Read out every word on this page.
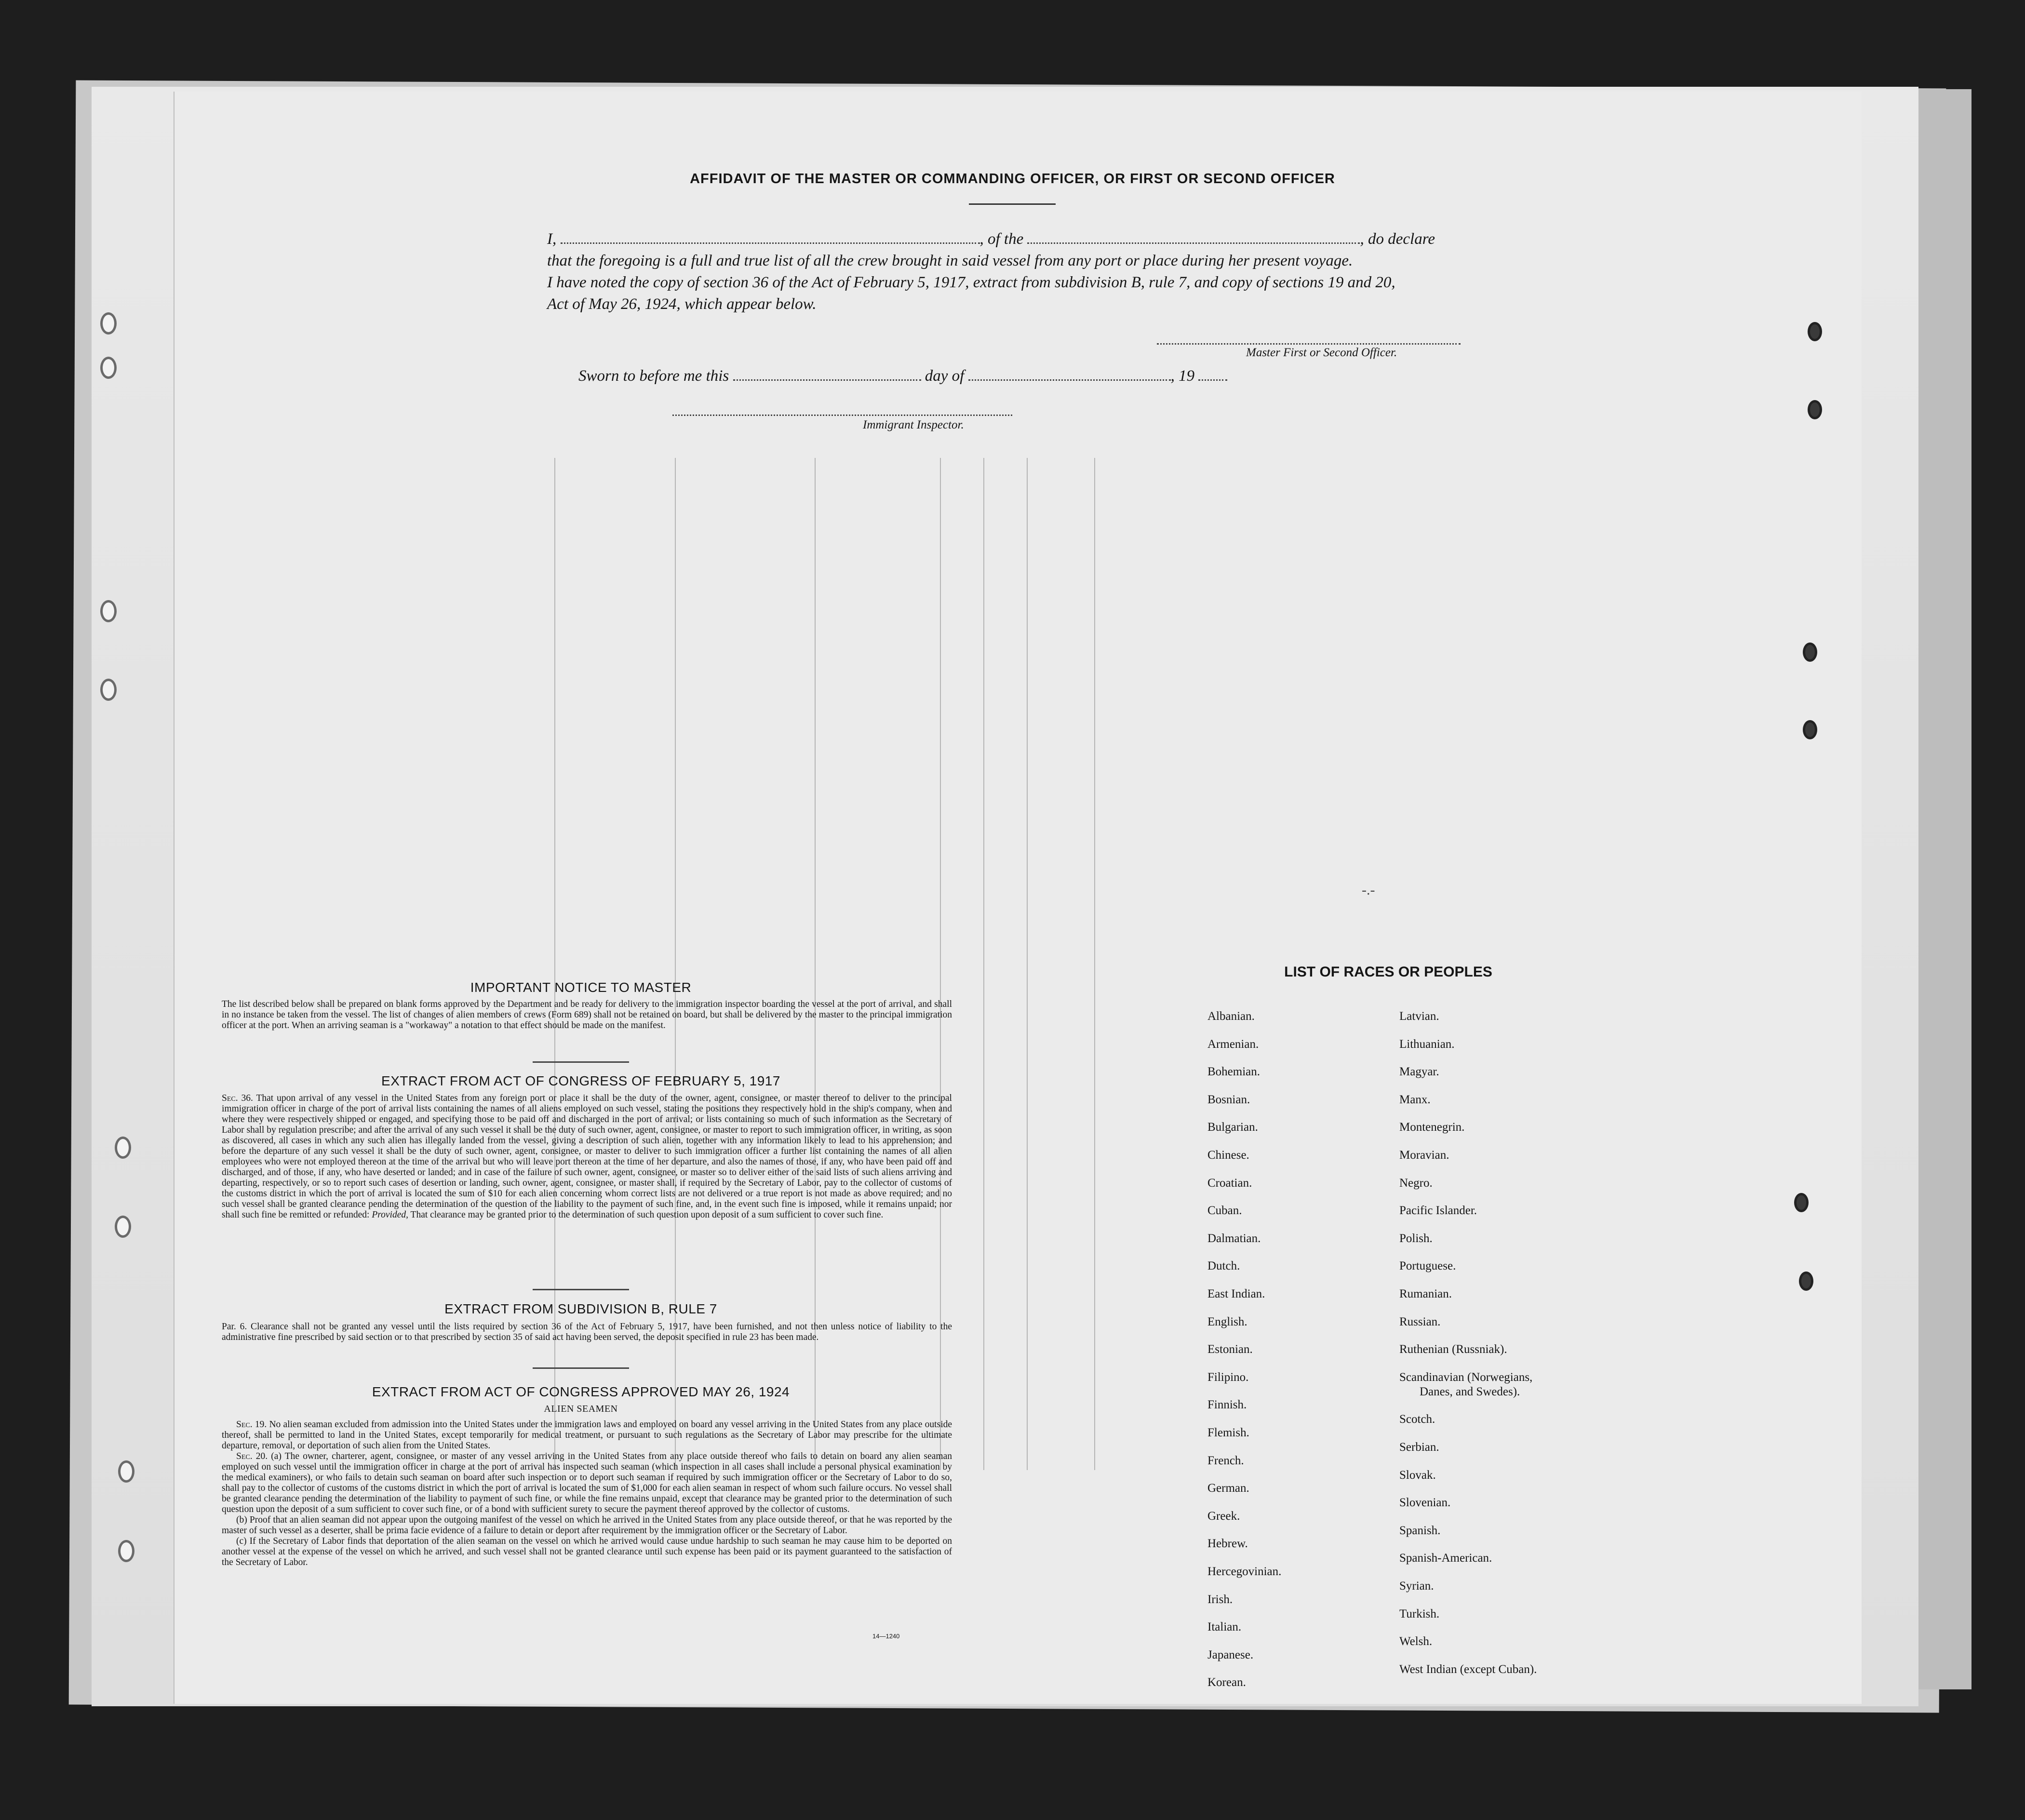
AFFIDAVIT OF THE MASTER OR COMMANDING OFFICER, OR FIRST OR SECOND OFFICER
I,	, of the	, do declare
that the foregoing is a full and true list of all the crew brought in said vessel from any port or place during her present voyage.
I have noted the copy of section 36 of the Act of February 5, 1917, extract from subdivision B, rule 7, and copy of sections 19 and 20,
Act of May 26, 1924, which appear below.
Master First or Second Officer.
Sworn to before me this	day of	, 19
Immigrant Inspector.
IMPORTANT NOTICE TO MASTER
The list described below shall be prepared on blank forms approved by the Department and be ready for delivery to the immigration inspector boarding the vessel at the port of arrival, and shall in no instance be taken from the vessel. The list of changes of alien members of crews (Form 689) shall not be retained on board, but shall be delivered by the master to the principal immigration officer at the port. When an arriving seaman is a "workaway" a notation to that effect should be made on the manifest.
EXTRACT FROM ACT OF CONGRESS OF FEBRUARY 5, 1917
Sec. 36. That upon arrival of any vessel in the United States from any foreign port or place it shall be the duty of the owner, agent, consignee, or master thereof to deliver to the principal immigration officer in charge of the port of arrival lists containing the names of all aliens employed on such vessel, stating the positions they respectively hold in the ship's company, when and where they were respectively shipped or engaged, and specifying those to be paid off and discharged in the port of arrival; or lists containing so much of such information as the Secretary of Labor shall by regulation prescribe; and after the arrival of any such vessel it shall be the duty of such owner, agent, consignee, or master to report to such immigration officer, in writing, as soon as discovered, all cases in which any such alien has illegally landed from the vessel, giving a description of such alien, together with any information likely to lead to his apprehension; and before the departure of any such vessel it shall be the duty of such owner, agent, consignee, or master to deliver to such immigration officer a further list containing the names of all alien employees who were not employed thereon at the time of the arrival but who will leave port thereon at the time of her departure, and also the names of those, if any, who have been paid off and discharged, and of those, if any, who have deserted or landed; and in case of the failure of such owner, agent, consignee, or master so to deliver either of the said lists of such aliens arriving and departing, respectively, or so to report such cases of desertion or landing, such owner, agent, consignee, or master shall, if required by the Secretary of Labor, pay to the collector of customs of the customs district in which the port of arrival is located the sum of $10 for each alien concerning whom correct lists are not delivered or a true report is not made as above required; and no such vessel shall be granted clearance pending the determination of the question of the liability to the payment of such fine, and, in the event such fine is imposed, while it remains unpaid; nor shall such fine be remitted or refunded: Provided, That clearance may be granted prior to the determination of such question upon deposit of a sum sufficient to cover such fine.
EXTRACT FROM SUBDIVISION B, RULE 7
Par. 6. Clearance shall not be granted any vessel until the lists required by section 36 of the Act of February 5, 1917, have been furnished, and not then unless notice of liability to the administrative fine prescribed by said section or to that prescribed by section 35 of said act having been served, the deposit specified in rule 23 has been made.
EXTRACT FROM ACT OF CONGRESS APPROVED MAY 26, 1924
ALIEN SEAMEN
Sec. 19. No alien seaman excluded from admission into the United States under the immigration laws and employed on board any vessel arriving in the United States from any place outside thereof, shall be permitted to land in the United States, except temporarily for medical treatment, or pursuant to such regulations as the Secretary of Labor may prescribe for the ultimate departure, removal, or deportation of such alien from the United States.
Sec. 20. (a) The owner, charterer, agent, consignee, or master of any vessel arriving in the United States from any place outside thereof who fails to detain on board any alien seaman employed on such vessel until the immigration officer in charge at the port of arrival has inspected such seaman (which inspection in all cases shall include a personal physical examination by the medical examiners), or who fails to detain such seaman on board after such inspection or to deport such seaman if required by such immigration officer or the Secretary of Labor to do so, shall pay to the collector of customs of the customs district in which the port of arrival is located the sum of $1,000 for each alien seaman in respect of whom such failure occurs. No vessel shall be granted clearance pending the determination of the liability to payment of such fine, or while the fine remains unpaid, except that clearance may be granted prior to the determination of such question upon the deposit of a sum sufficient to cover such fine, or of a bond with sufficient surety to secure the payment thereof approved by the collector of customs.
(b) Proof that an alien seaman did not appear upon the outgoing manifest of the vessel on which he arrived in the United States from any place outside thereof, or that he was reported by the master of such vessel as a deserter, shall be prima facie evidence of a failure to detain or deport after requirement by the immigration officer or the Secretary of Labor.
(c) If the Secretary of Labor finds that deportation of the alien seaman on the vessel on which he arrived would cause undue hardship to such seaman he may cause him to be deported on another vessel at the expense of the vessel on which he arrived, and such vessel shall not be granted clearance until such expense has been paid or its payment guaranteed to the satisfaction of the Secretary of Labor.
14—1240
LIST OF RACES OR PEOPLES
Albanian.
Armenian.
Bohemian.
Bosnian.
Bulgarian.
Chinese.
Croatian.
Cuban.
Dalmatian.
Dutch.
East Indian.
English.
Estonian.
Filipino.
Finnish.
Flemish.
French.
German.
Greek.
Hebrew.
Hercegovinian.
Irish.
Italian.
Japanese.
Korean.
Latvian.
Lithuanian.
Magyar.
Manx.
Montenegrin.
Moravian.
Negro.
Pacific Islander.
Polish.
Portuguese.
Rumanian.
Russian.
Ruthenian (Russniak).
Scandinavian (Norwegians,
Danes, and Swedes).
Scotch.
Serbian.
Slovak.
Slovenian.
Spanish.
Spanish-American.
Syrian.
Turkish.
Welsh.
West Indian (except Cuban).
-.-
